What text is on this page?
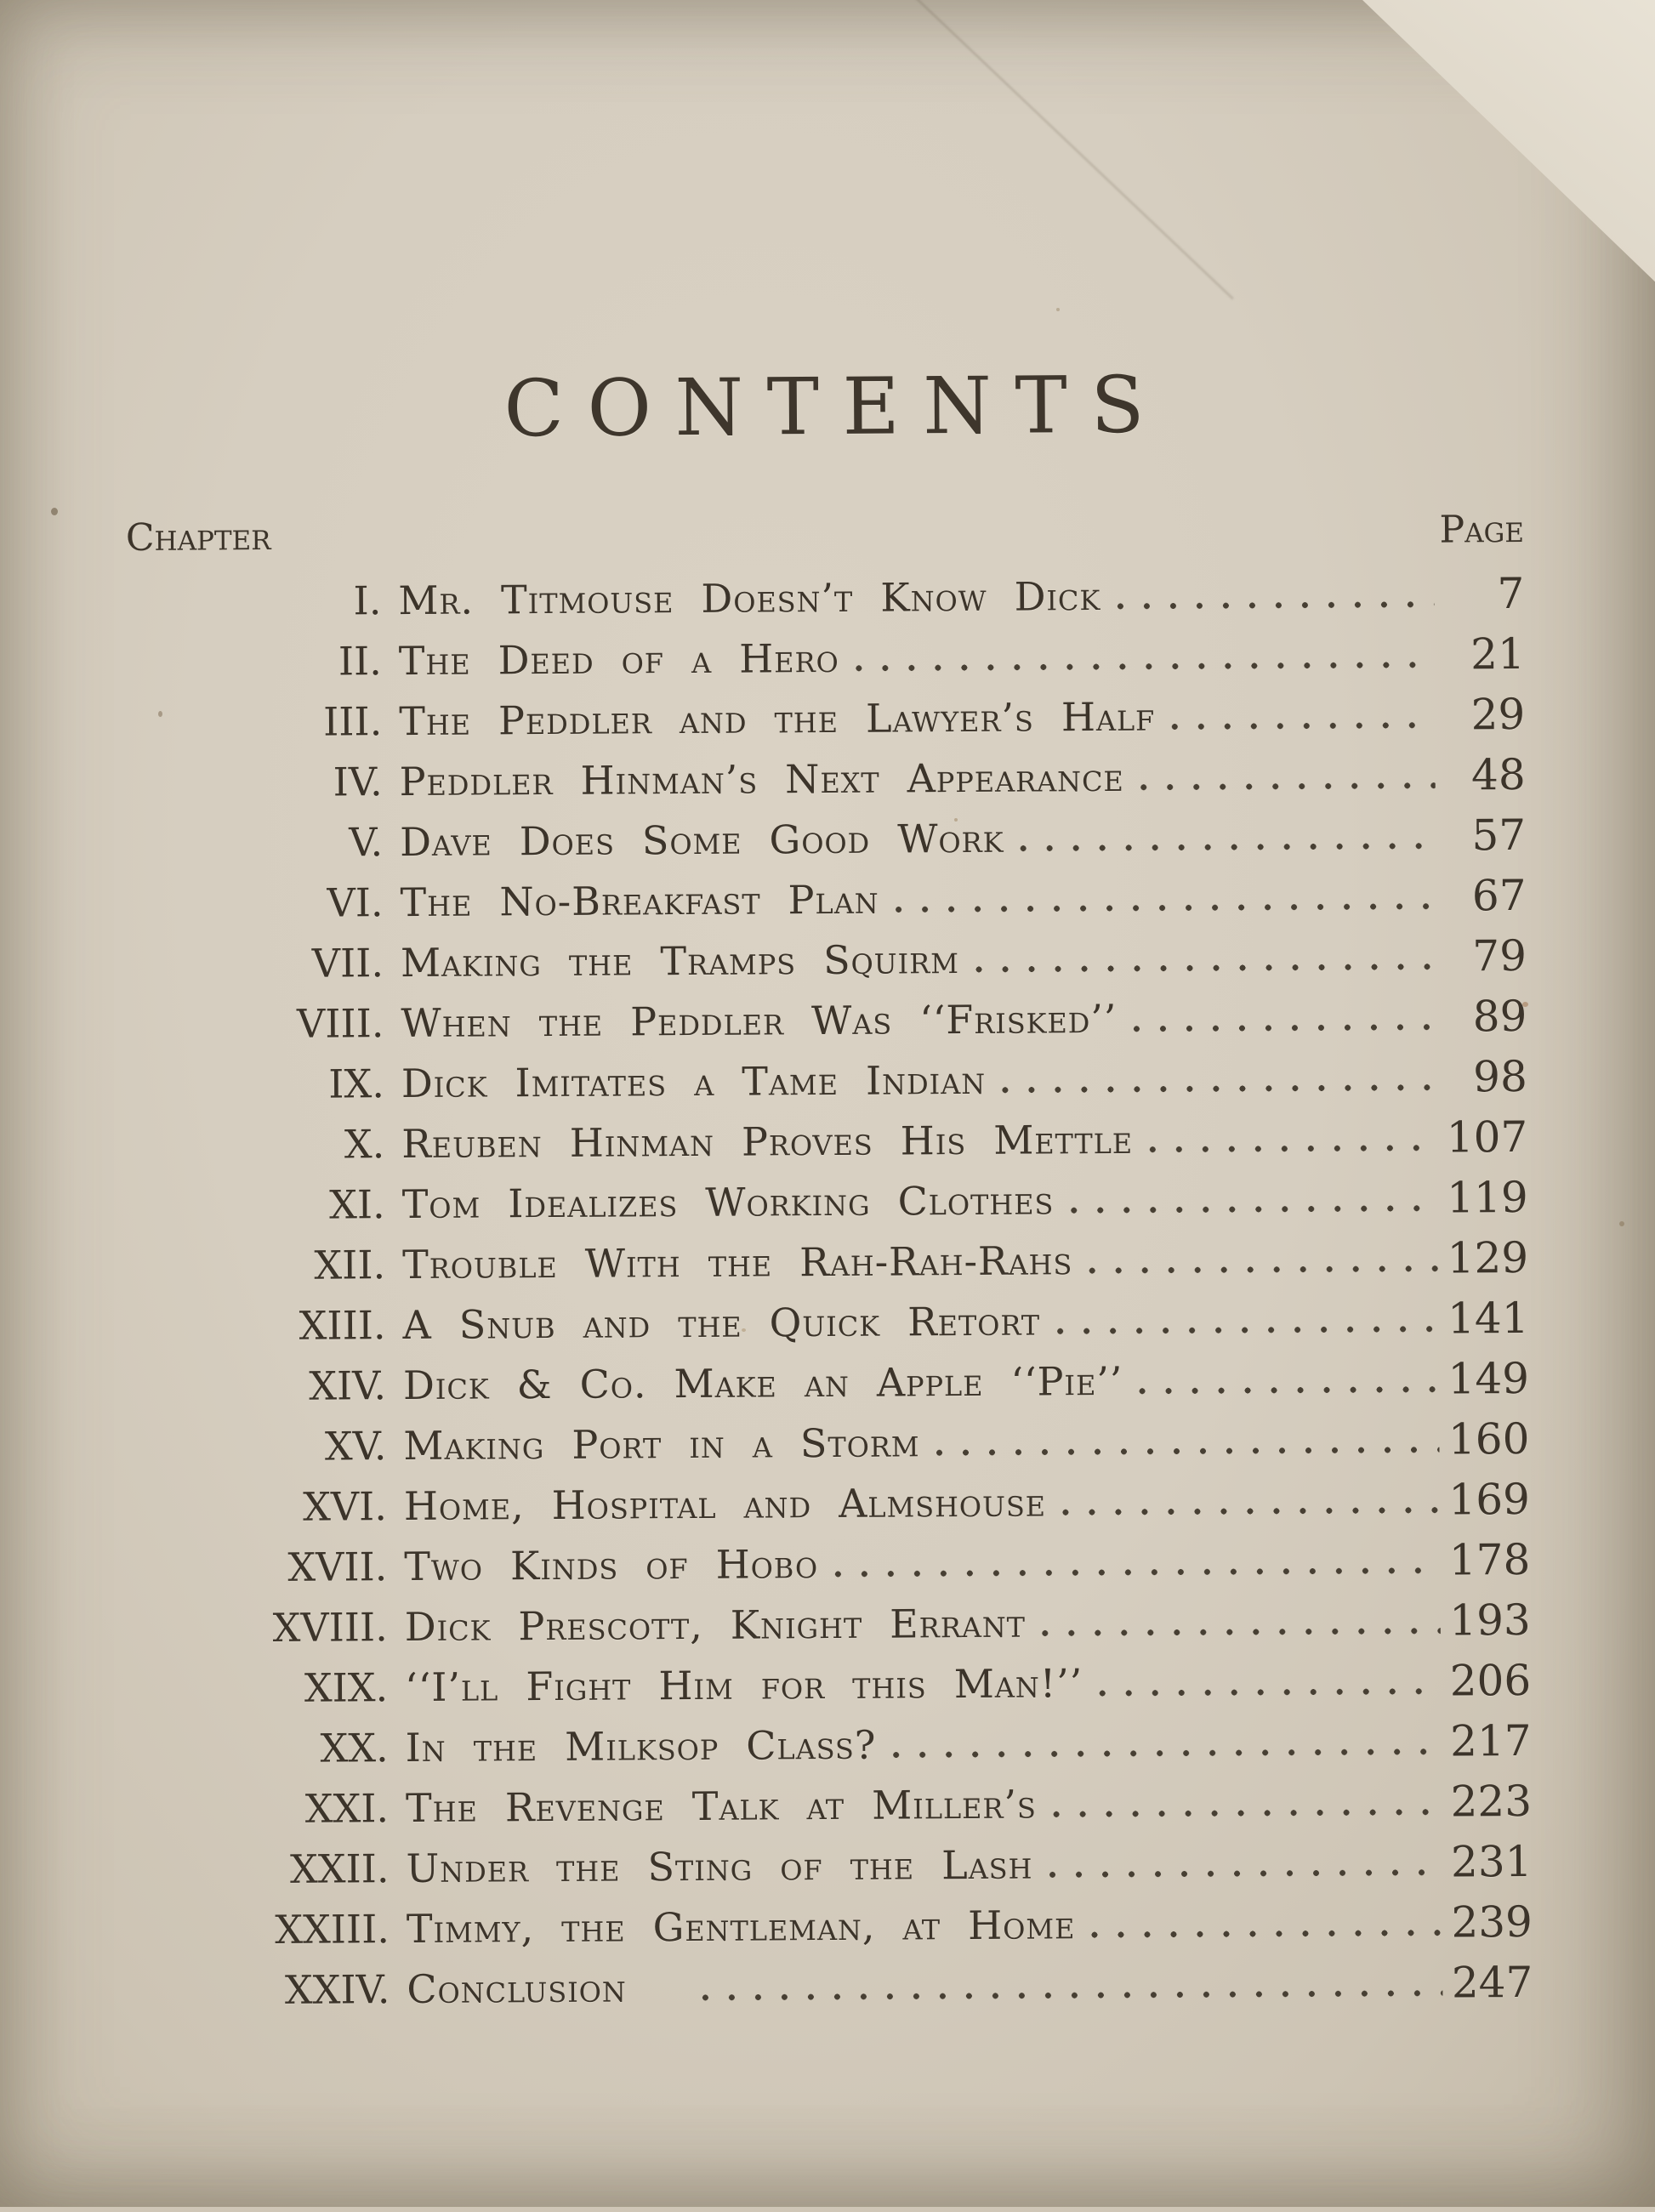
CONTENTS
Chapter	Page
I. Mr. Titmouse Doesn’t Know Dick	7
II. The Deed of a Hero	21
III. The Peddler and the Lawyer’s Half	29
IV. Peddler Hinman’s Next Appearance	48
V. Dave Does Some Good Work	57
VI. The No-Breakfast Plan	67
VII. Making the Tramps Squirm	79
VIII. When the Peddler Was ‘‘Frisked’’	89
IX. Dick Imitates a Tame Indian	98
X. Reuben Hinman Proves His Mettle	107
XI. Tom Idealizes Working Clothes	119
XII. Trouble With the Rah-Rah-Rahs	129
XIII. A Snub and the Quick Retort	141
XIV. Dick & Co. Make an Apple ‘‘Pie’’	149
XV. Making Port in a Storm	160
XVI. Home, Hospital and Almshouse	169
XVII. Two Kinds of Hobo	178
XVIII. Dick Prescott, Knight Errant	193
XIX. ‘‘I’ll Fight Him for this Man!’’	206
XX. In the Milksop Class?	217
XXI. The Revenge Talk at Miller’s	223
XXII. Under the Sting of the Lash	231
XXIII. Timmy, the Gentleman, at Home	239
XXIV. Conclusion	247
